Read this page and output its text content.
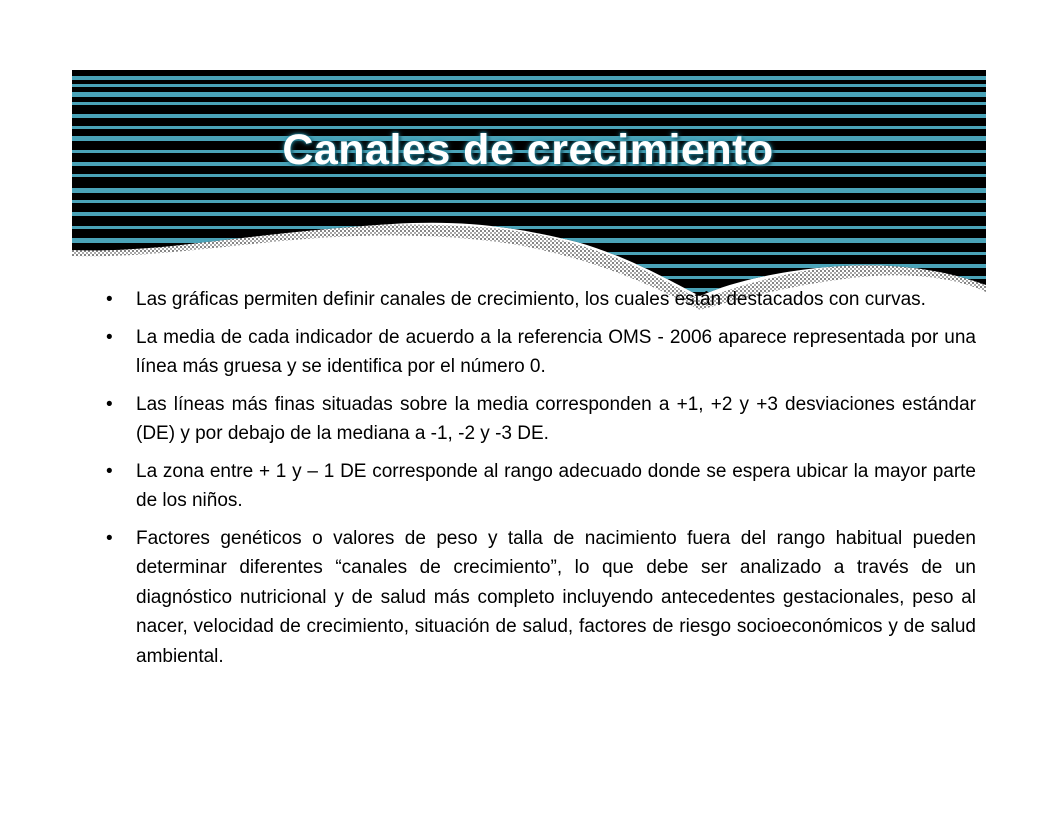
Canales de crecimiento
• Las gráficas permiten definir canales de crecimiento, los cuales están destacados con curvas.
• La media de cada indicador de acuerdo a la referencia OMS - 2006 aparece representada por una línea más gruesa y se identifica por el número 0.
• Las líneas más finas situadas sobre la media corresponden a +1, +2 y +3 desviaciones estándar (DE) y por debajo de la mediana a -1, -2 y -3 DE.
• La zona entre + 1 y – 1 DE corresponde al rango adecuado donde se espera ubicar la mayor parte de los niños.
• Factores genéticos o valores de peso y talla de nacimiento fuera del rango habitual pueden determinar diferentes “canales de crecimiento”, lo que debe ser analizado a través de un diagnóstico nutricional y de salud más completo incluyendo antecedentes gestacionales, peso al nacer, velocidad de crecimiento, situación de salud, factores de riesgo socioeconómicos y de salud ambiental.
